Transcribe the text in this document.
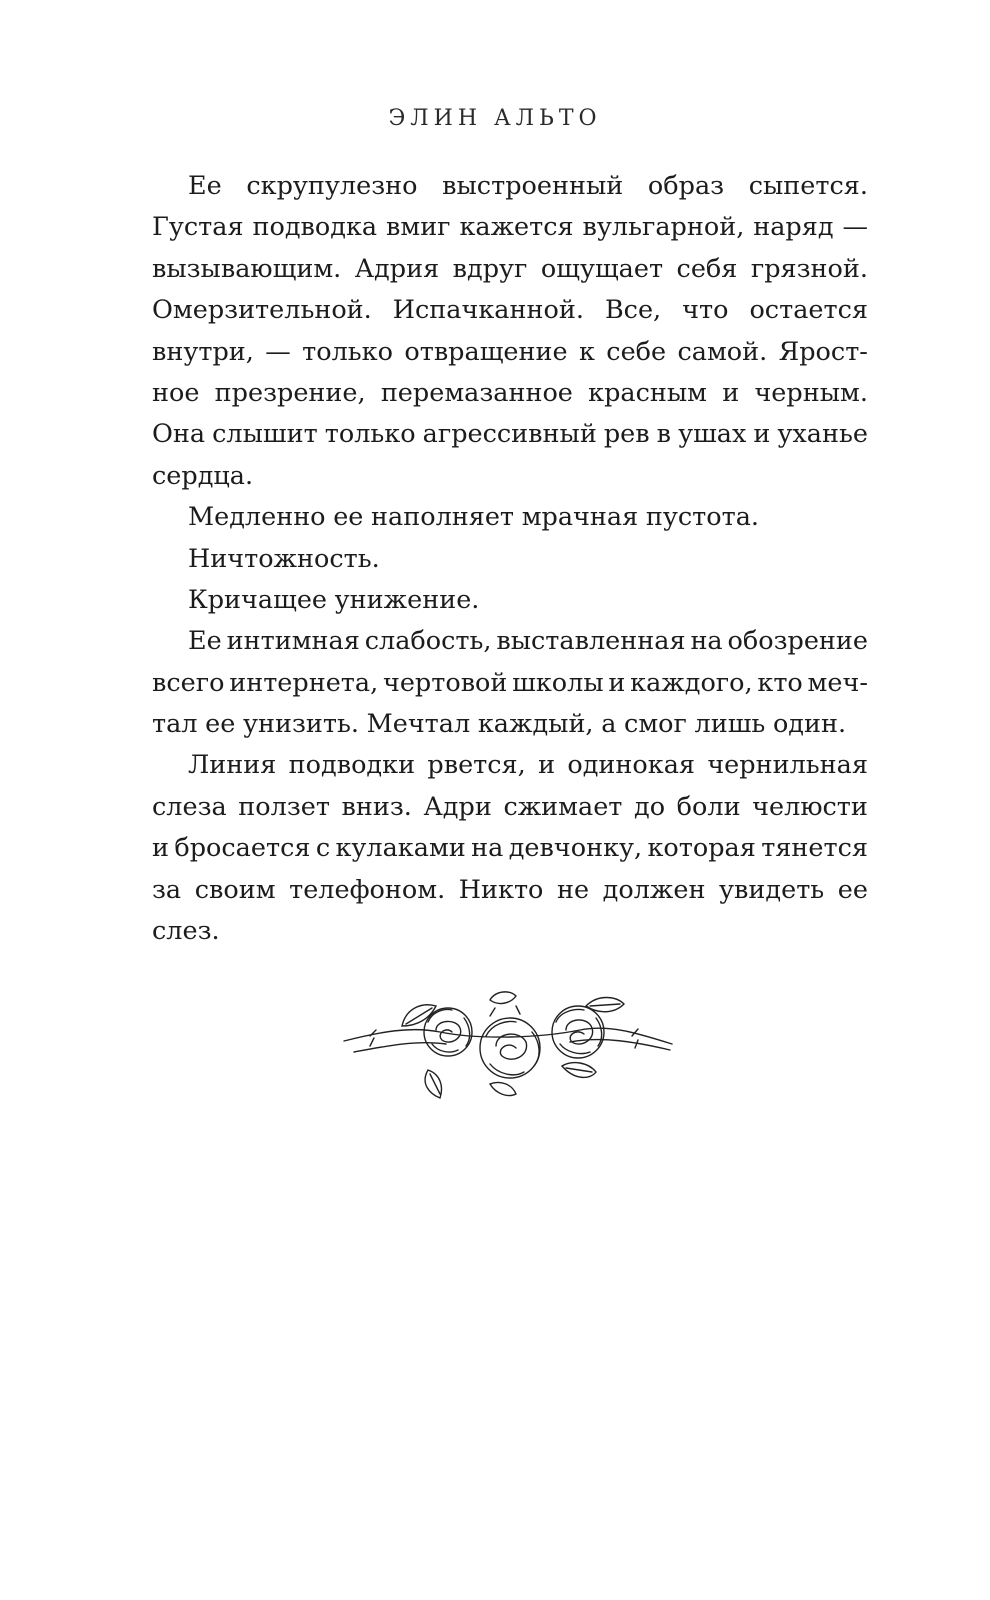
ЭЛИН АЛЬТО
Ее скрупулезно выстроенный образ сыпется.
Густая подводка вмиг кажется вульгарной, наряд —
вызывающим. Адрия вдруг ощущает себя грязной.
Омерзительной. Испачканной. Все, что остается
внутри, — только отвращение к себе самой. Ярост-
ное презрение, перемазанное красным и черным.
Она слышит только агрессивный рев в ушах и уханье
сердца.
Медленно ее наполняет мрачная пустота.
Ничтожность.
Кричащее унижение.
Ее интимная слабость, выставленная на обозрение
всего интернета, чертовой школы и каждого, кто меч-
тал ее унизить. Мечтал каждый, а смог лишь один.
Линия подводки рвется, и одинокая чернильная
слеза ползет вниз. Адри сжимает до боли челюсти
и бросается с кулаками на девчонку, которая тянется
за своим телефоном. Никто не должен увидеть ее
слез.
